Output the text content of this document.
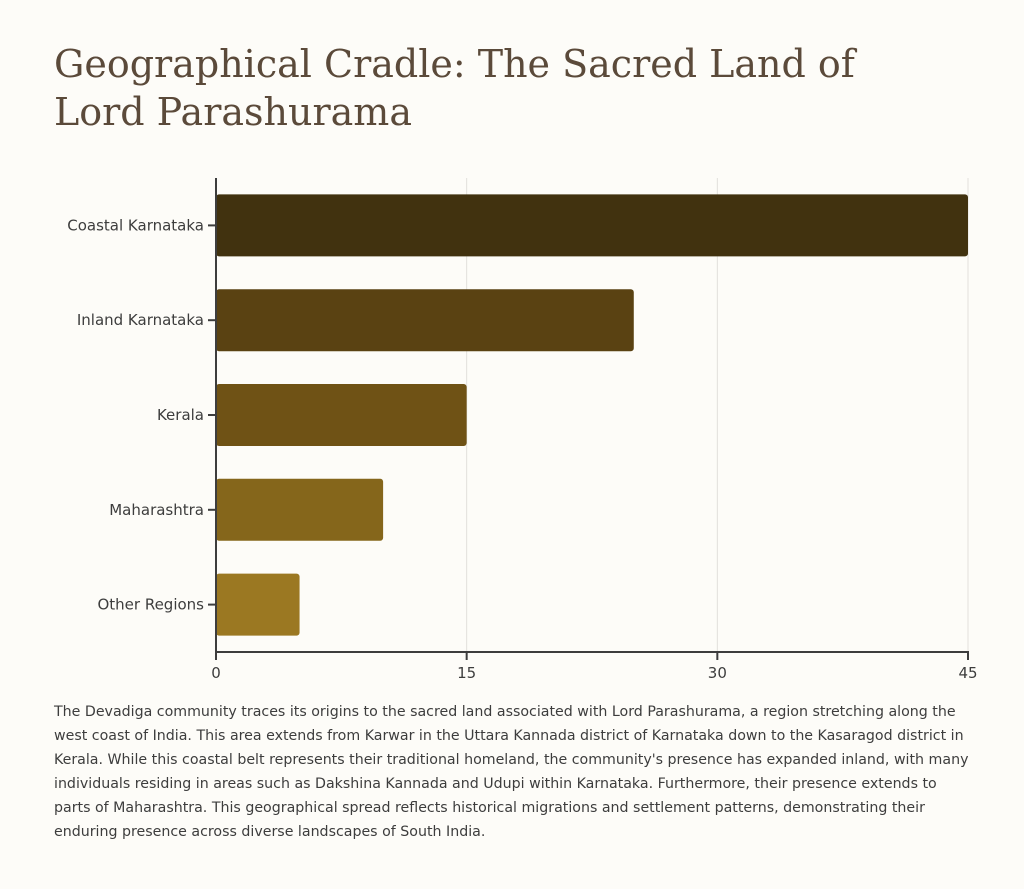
Geographical Cradle: The Sacred Land of Lord Parashurama
Coastal Karnataka
Inland Karnataka
Kerala
Maharashtra
Other Regions
0	15	30	45

The Devadiga community traces its origins to the sacred land associated with Lord Parashurama, a region stretching along the west coast of India. This area extends from Karwar in the Uttara Kannada district of Karnataka down to the Kasaragod district in Kerala. While this coastal belt represents their traditional homeland, the community's presence has expanded inland, with many individuals residing in areas such as Dakshina Kannada and Udupi within Karnataka. Furthermore, their presence extends to parts of Maharashtra. This geographical spread reflects historical migrations and settlement patterns, demonstrating their enduring presence across diverse landscapes of South India.
